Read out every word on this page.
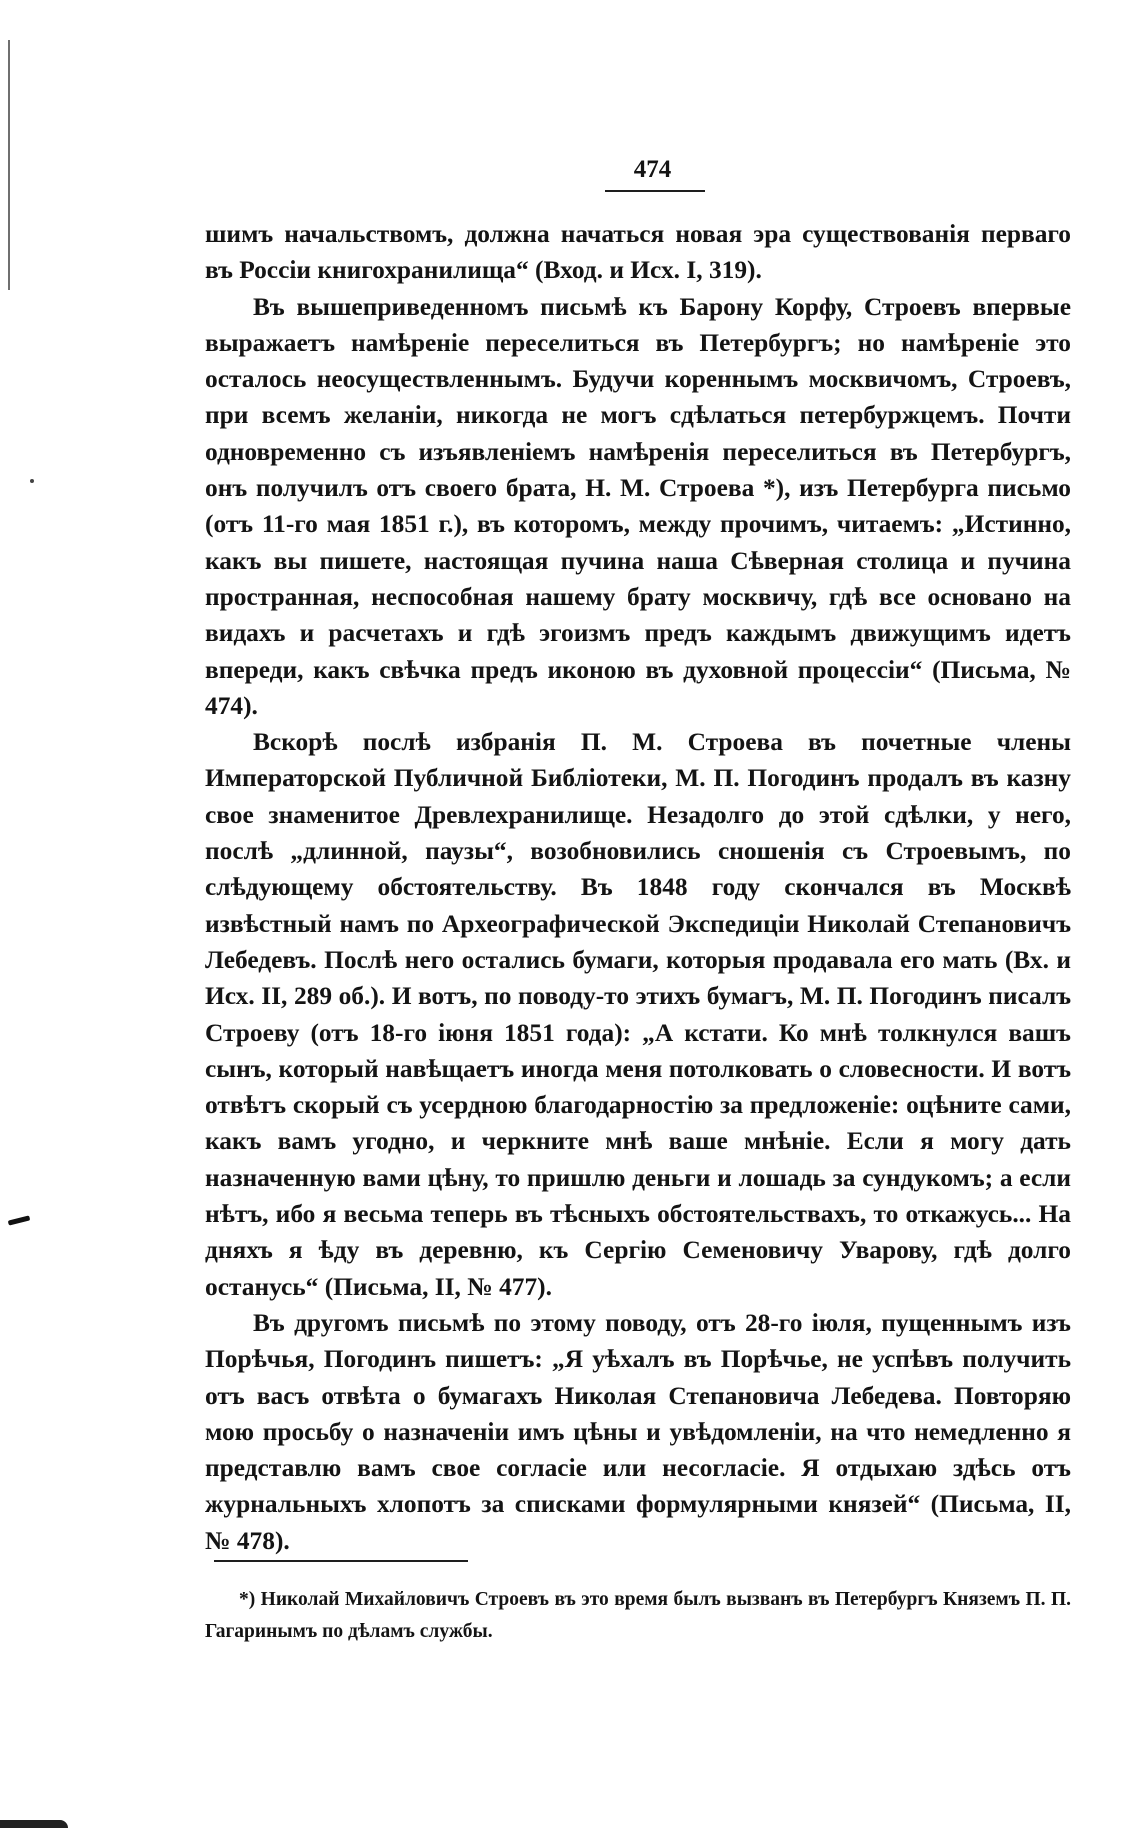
474

шимъ начальствомъ, должна начаться новая эра существованія перваго въ Россіи книгохранилища“ (Вход. и Исх. I, 319).

Въ вышеприведенномъ письмѣ къ Барону Корфу, Строевъ впервые выражаетъ намѣреніе переселиться въ Петербургъ; но намѣреніе это осталось неосуществленнымъ. Будучи кореннымъ москвичомъ, Строевъ, при всемъ желаніи, никогда не могъ сдѣлаться петербуржцемъ. Почти одновременно съ изъявленіемъ намѣренія переселиться въ Петербургъ, онъ получилъ отъ своего брата, Н. М. Строева *), изъ Петербурга письмо (отъ 11-го мая 1851 г.), въ которомъ, между прочимъ, читаемъ: „Истинно, какъ вы пишете, настоящая пучина наша Сѣверная столица и пучина пространная, неспособная нашему брату москвичу, гдѣ все основано на видахъ и расчетахъ и гдѣ эгоизмъ предъ каждымъ движущимъ идетъ впереди, какъ свѣчка предъ иконою въ духовной процессіи“ (Письма, № 474).

Вскорѣ послѣ избранія П. М. Строева въ почетные члены Императорской Публичной Библіотеки, М. П. Погодинъ продалъ въ казну свое знаменитое Древлехранилище. Незадолго до этой сдѣлки, у него, послѣ „длинной, паузы“, возобновились сношенія съ Строевымъ, по слѣдующему обстоятельству. Въ 1848 году скончался въ Москвѣ извѣстный намъ по Археографической Экспедиціи Николай Степановичъ Лебедевъ. Послѣ него остались бумаги, которыя продавала его мать (Вх. и Исх. II, 289 об.). И вотъ, по поводу-то этихъ бумагъ, М. П. Погодинъ писалъ Строеву (отъ 18-го іюня 1851 года): „А кстати. Ко мнѣ толкнулся вашъ сынъ, который навѣщаетъ иногда меня потолковать о словесности. И вотъ отвѣтъ скорый съ усердною благодарностію за предложеніе: оцѣните сами, какъ вамъ угодно, и черкните мнѣ ваше мнѣніе. Если я могу дать назначенную вами цѣну, то пришлю деньги и лошадь за сундукомъ; а если нѣтъ, ибо я весьма теперь въ тѣсныхъ обстоятельствахъ, то откажусь... На дняхъ я ѣду въ деревню, къ Сергію Семеновичу Уварову, гдѣ долго останусь“ (Письма, II, № 477).

Въ другомъ письмѣ по этому поводу, отъ 28-го іюля, пущеннымъ изъ Порѣчья, Погодинъ пишетъ: „Я уѣхалъ въ Порѣчье, не успѣвъ получить отъ васъ отвѣта о бумагахъ Николая Степановича Лебедева. Повторяю мою просьбу о назначеніи имъ цѣны и увѣдомленіи, на что немедленно я представлю вамъ свое согласіе или несогласіе. Я отдыхаю здѣсь отъ журнальныхъ хлопотъ за списками формулярными князей“ (Письма, II, № 478).

*) Николай Михайловичъ Строевъ въ это время былъ вызванъ въ Петербургъ Княземъ П. П. Гагаринымъ по дѣламъ службы.
